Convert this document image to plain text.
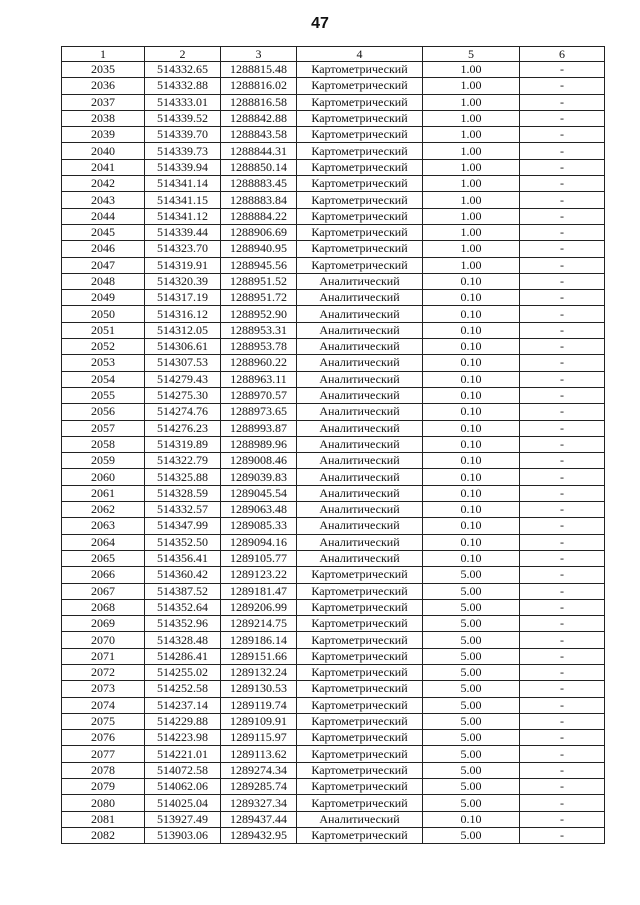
47
1	2	3	4	5	6
2035	514332.65	1288815.48	Картометрический	1.00	-
2036	514332.88	1288816.02	Картометрический	1.00	-
2037	514333.01	1288816.58	Картометрический	1.00	-
2038	514339.52	1288842.88	Картометрический	1.00	-
2039	514339.70	1288843.58	Картометрический	1.00	-
2040	514339.73	1288844.31	Картометрический	1.00	-
2041	514339.94	1288850.14	Картометрический	1.00	-
2042	514341.14	1288883.45	Картометрический	1.00	-
2043	514341.15	1288883.84	Картометрический	1.00	-
2044	514341.12	1288884.22	Картометрический	1.00	-
2045	514339.44	1288906.69	Картометрический	1.00	-
2046	514323.70	1288940.95	Картометрический	1.00	-
2047	514319.91	1288945.56	Картометрический	1.00	-
2048	514320.39	1288951.52	Аналитический	0.10	-
2049	514317.19	1288951.72	Аналитический	0.10	-
2050	514316.12	1288952.90	Аналитический	0.10	-
2051	514312.05	1288953.31	Аналитический	0.10	-
2052	514306.61	1288953.78	Аналитический	0.10	-
2053	514307.53	1288960.22	Аналитический	0.10	-
2054	514279.43	1288963.11	Аналитический	0.10	-
2055	514275.30	1288970.57	Аналитический	0.10	-
2056	514274.76	1288973.65	Аналитический	0.10	-
2057	514276.23	1288993.87	Аналитический	0.10	-
2058	514319.89	1288989.96	Аналитический	0.10	-
2059	514322.79	1289008.46	Аналитический	0.10	-
2060	514325.88	1289039.83	Аналитический	0.10	-
2061	514328.59	1289045.54	Аналитический	0.10	-
2062	514332.57	1289063.48	Аналитический	0.10	-
2063	514347.99	1289085.33	Аналитический	0.10	-
2064	514352.50	1289094.16	Аналитический	0.10	-
2065	514356.41	1289105.77	Аналитический	0.10	-
2066	514360.42	1289123.22	Картометрический	5.00	-
2067	514387.52	1289181.47	Картометрический	5.00	-
2068	514352.64	1289206.99	Картометрический	5.00	-
2069	514352.96	1289214.75	Картометрический	5.00	-
2070	514328.48	1289186.14	Картометрический	5.00	-
2071	514286.41	1289151.66	Картометрический	5.00	-
2072	514255.02	1289132.24	Картометрический	5.00	-
2073	514252.58	1289130.53	Картометрический	5.00	-
2074	514237.14	1289119.74	Картометрический	5.00	-
2075	514229.88	1289109.91	Картометрический	5.00	-
2076	514223.98	1289115.97	Картометрический	5.00	-
2077	514221.01	1289113.62	Картометрический	5.00	-
2078	514072.58	1289274.34	Картометрический	5.00	-
2079	514062.06	1289285.74	Картометрический	5.00	-
2080	514025.04	1289327.34	Картометрический	5.00	-
2081	513927.49	1289437.44	Аналитический	0.10	-
2082	513903.06	1289432.95	Картометрический	5.00	-
